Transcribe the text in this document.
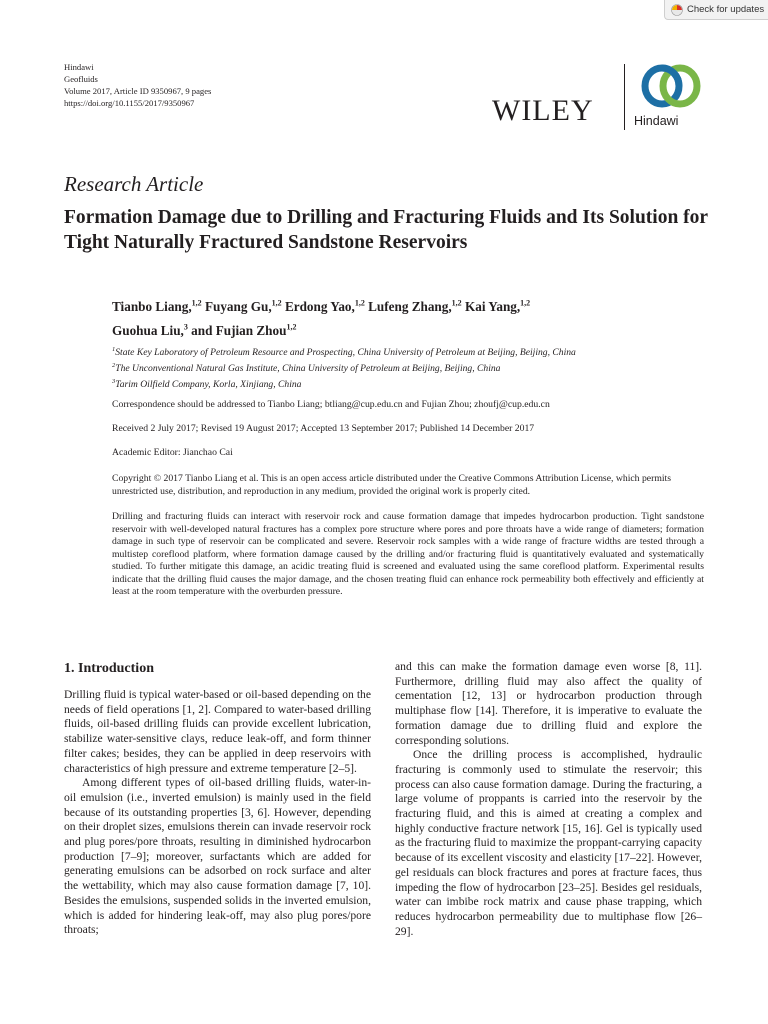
Check for updates
Hindawi
Geofluids
Volume 2017, Article ID 9350967, 9 pages
https://doi.org/10.1155/2017/9350967	WILEY	Hindawi
Research Article
Formation Damage due to Drilling and Fracturing Fluids and Its Solution for Tight Naturally Fractured Sandstone Reservoirs
Tianbo Liang,$^{1,2}$ Fuyang Gu,$^{1,2}$ Erdong Yao,$^{1,2}$ Lufeng Zhang,$^{1,2}$ Kai Yang,$^{1,2}$
Guohua Liu,$^3$ and Fujian Zhou$^{1,2}$
$^1$State Key Laboratory of Petroleum Resource and Prospecting, China University of Petroleum at Beijing, Beijing, China
$^2$The Unconventional Natural Gas Institute, China University of Petroleum at Beijing, Beijing, China
$^3$Tarim Oilfield Company, Korla, Xinjiang, China
Correspondence should be addressed to Tianbo Liang; btliang@cup.edu.cn and Fujian Zhou; zhoufj@cup.edu.cn
Received 2 July 2017; Revised 19 August 2017; Accepted 13 September 2017; Published 14 December 2017
Academic Editor: Jianchao Cai
Copyright © 2017 Tianbo Liang et al. This is an open access article distributed under the Creative Commons Attribution License, which permits unrestricted use, distribution, and reproduction in any medium, provided the original work is properly cited.

Drilling and fracturing fluids can interact with reservoir rock and cause formation damage that impedes hydrocarbon production. Tight sandstone reservoir with well-developed natural fractures has a complex pore structure where pores and pore throats have a wide range of diameters; formation damage in such type of reservoir can be complicated and severe. Reservoir rock samples with a wide range of fracture widths are tested through a multistep coreflood platform, where formation damage caused by the drilling and/or fracturing fluid is quantitatively evaluated and systematically studied. To further mitigate this damage, an acidic treating fluid is screened and evaluated using the same coreflood platform. Experimental results indicate that the drilling fluid causes the major damage, and the chosen treating fluid can enhance rock permeability both effectively and efficiently at least at the room temperature with the overburden pressure.

1. Introduction

Drilling fluid is typical water-based or oil-based depending on the needs of field operations [1, 2]. Compared to water-based drilling fluids, oil-based drilling fluids can provide excellent lubrication, stabilize water-sensitive clays, reduce leak-off, and form thinner filter cakes; besides, they can be applied in deep reservoirs with characteristics of high pressure and extreme temperature [2–5].

Among different types of oil-based drilling fluids, water-in-oil emulsion (i.e., inverted emulsion) is mainly used in the field because of its outstanding properties [3, 6]. However, depending on their droplet sizes, emulsions therein can invade reservoir rock and plug pores/pore throats, resulting in diminished hydrocarbon production [7–9]; moreover, surfactants which are added for generating emulsions can be adsorbed on rock surface and alter the wettability, which may also cause formation damage [7, 10]. Besides the emulsions, suspended solids in the inverted emulsion, which is added for hindering leak-off, may also plug pores/pore throats;

and this can make the formation damage even worse [8, 11]. Furthermore, drilling fluid may also affect the quality of cementation [12, 13] or hydrocarbon production through multiphase flow [14]. Therefore, it is imperative to evaluate the formation damage due to drilling fluid and explore the corresponding solutions.

Once the drilling process is accomplished, hydraulic fracturing is commonly used to stimulate the reservoir; this process can also cause formation damage. During the fracturing, a large volume of proppants is carried into the reservoir by the fracturing fluid, and this is aimed at creating a complex and highly conductive fracture network [15, 16]. Gel is typically used as the fracturing fluid to maximize the proppant-carrying capacity because of its excellent viscosity and elasticity [17–22]. However, gel residuals can block fractures and pores at fracture faces, thus impeding the flow of hydrocarbon [23–25]. Besides gel residuals, water can imbibe rock matrix and cause phase trapping, which reduces hydrocarbon permeability due to multiphase flow [26–29].
